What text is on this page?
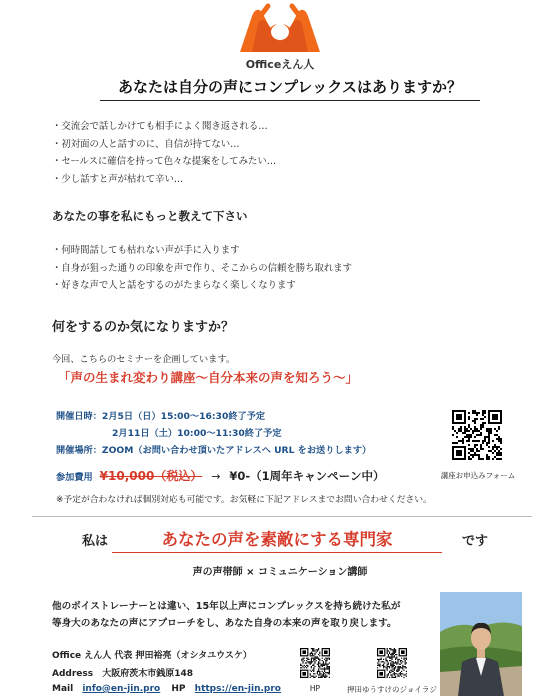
Officeえん人
あなたは自分の声にコンプレックスはありますか？
・交流会で話しかけても相手によく聞き返される…
・初対面の人と話すのに、自信が持てない…
・セールスに確信を持って色々な提案をしてみたい…
・少し話すと声が枯れて辛い…
あなたの事を私にもっと教えて下さい
・何時間話しても枯れない声が手に入ります
・自身が狙った通りの印象を声で作り、そこからの信頼を勝ち取れます
・好きな声で人と話をするのがたまらなく楽しくなります
何をするのか気になりますか？
今回、こちらのセミナーを企画しています。
「声の生まれ変わり講座〜自分本来の声を知ろう〜」
開催日時：2月5日（日）15:00〜16:30終了予定
2月11日（土）10:00〜11:30終了予定
開催場所：ZOOM（お問い合わせ頂いたアドレスへ URL をお送りします）
参加費用 ¥10,000（税込） → ¥0-（1周年キャンペーン中）	講座お申込みフォーム
※予定が合わなければ個別対応も可能です。お気軽に下記アドレスまでお問い合わせください。
私は	あなたの声を素敵にする専門家	です
声の声帯師 × コミュニケーション講師
他のボイストレーナーとは違い、15年以上声にコンプレックスを持ち続けた私が
等身大のあなたの声にアプローチをし、あなた自身の本来の声を取り戻します。
Office えん人 代表 押田裕亮（オシタユウスケ）
Address 大阪府茨木市銭原148
Mail info@en-jin.pro HP https://en-jin.pro	HP	押田ゆうすけのジョイラジ
